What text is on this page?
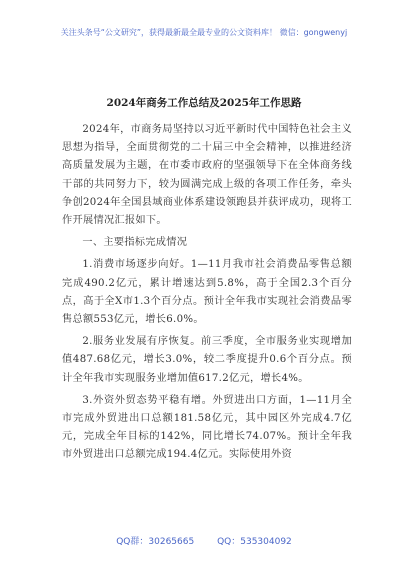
关注头条号“公文研究”，获得最新最全最专业的公文资料库！ 微信：gongwenyj
2024年商务工作总结及2025年工作思路

2024年，市商务局坚持以习近平新时代中国特色社会主义思想为指导，全面贯彻党的二十届三中全会精神，以推进经济高质量发展为主题，在市委市政府的坚强领导下在全体商务线干部的共同努力下，较为圆满完成上级的各项工作任务，牵头争创2024年全国县域商业体系建设领跑县并获评成功，现将工作开展情况汇报如下。

一、主要指标完成情况

1.消费市场逐步向好。1—11月我市社会消费品零售总额完成490.2亿元，累计增速达到5.8%，高于全国2.3个百分点，高于全X市1.3个百分点。预计全年我市实现社会消费品零售总额553亿元，增长6.0%。

2.服务业发展有序恢复。前三季度，全市服务业实现增加值487.68亿元，增长3.0%，较二季度提升0.6个百分点。预计全年我市实现服务业增加值617.2亿元，增长4%。

3.外资外贸态势平稳有增。外贸进出口方面，1—11月全市完成外贸进出口总额181.58亿元，其中园区外完成4.7亿元，完成全年目标的142%，同比增长74.07%。预计全年我市外贸进出口总额完成194.4亿元。实际使用外资

QQ群：30265665	QQ：535304092
